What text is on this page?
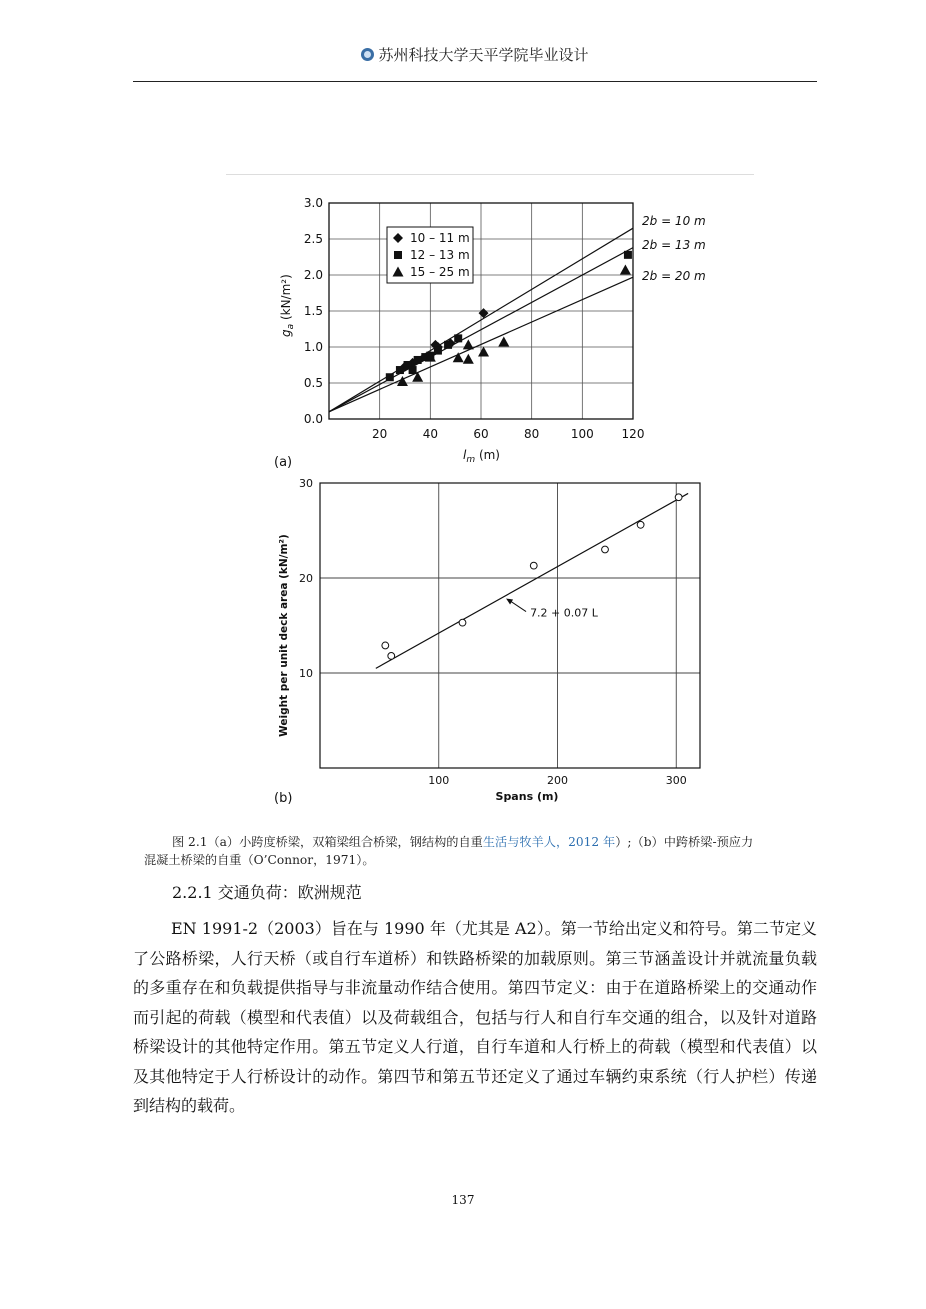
苏州科技大学天平学院毕业设计
2b = 10 m
2b = 13 m
2b = 20 m
20	40	60	80	100 120
0.0
0.5
1.0
1.5
2.0
2.5
3.0
10 – 11 m
12 – 13 m
15 – 25 m
(a)	$l_m$ (m)
$g_a$ (kN/m²)
7.2 + 0.07 L
100	200	300
10
20
30
(b)	Spans (m)
Weight per unit deck area (kN/m²)
图 2.1（a）小跨度桥梁，双箱梁组合桥梁，钢结构的自重生活与牧羊人，2012 年）;（b）中跨桥梁-预应力
混凝土桥梁的自重（O’Connor，1971）。
2.2.1 交通负荷：欧洲规范

EN 1991-2（2003）旨在与 1990 年（尤其是 A2）。第一节给出定义和符号。第二节定义了公路桥梁，人行天桥（或自行车道桥）和铁路桥梁的加载原则。第三节涵盖设计并就流量负载的多重存在和负载提供指导与非流量动作结合使用。第四节定义：由于在道路桥梁上的交通动作而引起的荷载（模型和代表值）以及荷载组合，包括与行人和自行车交通的组合，以及针对道路桥梁设计的其他特定作用。第五节定义人行道，自行车道和人行桥上的荷载（模型和代表值）以及其他特定于人行桥设计的动作。第四节和第五节还定义了通过车辆约束系统（行人护栏）传递到结构的载荷。

137
